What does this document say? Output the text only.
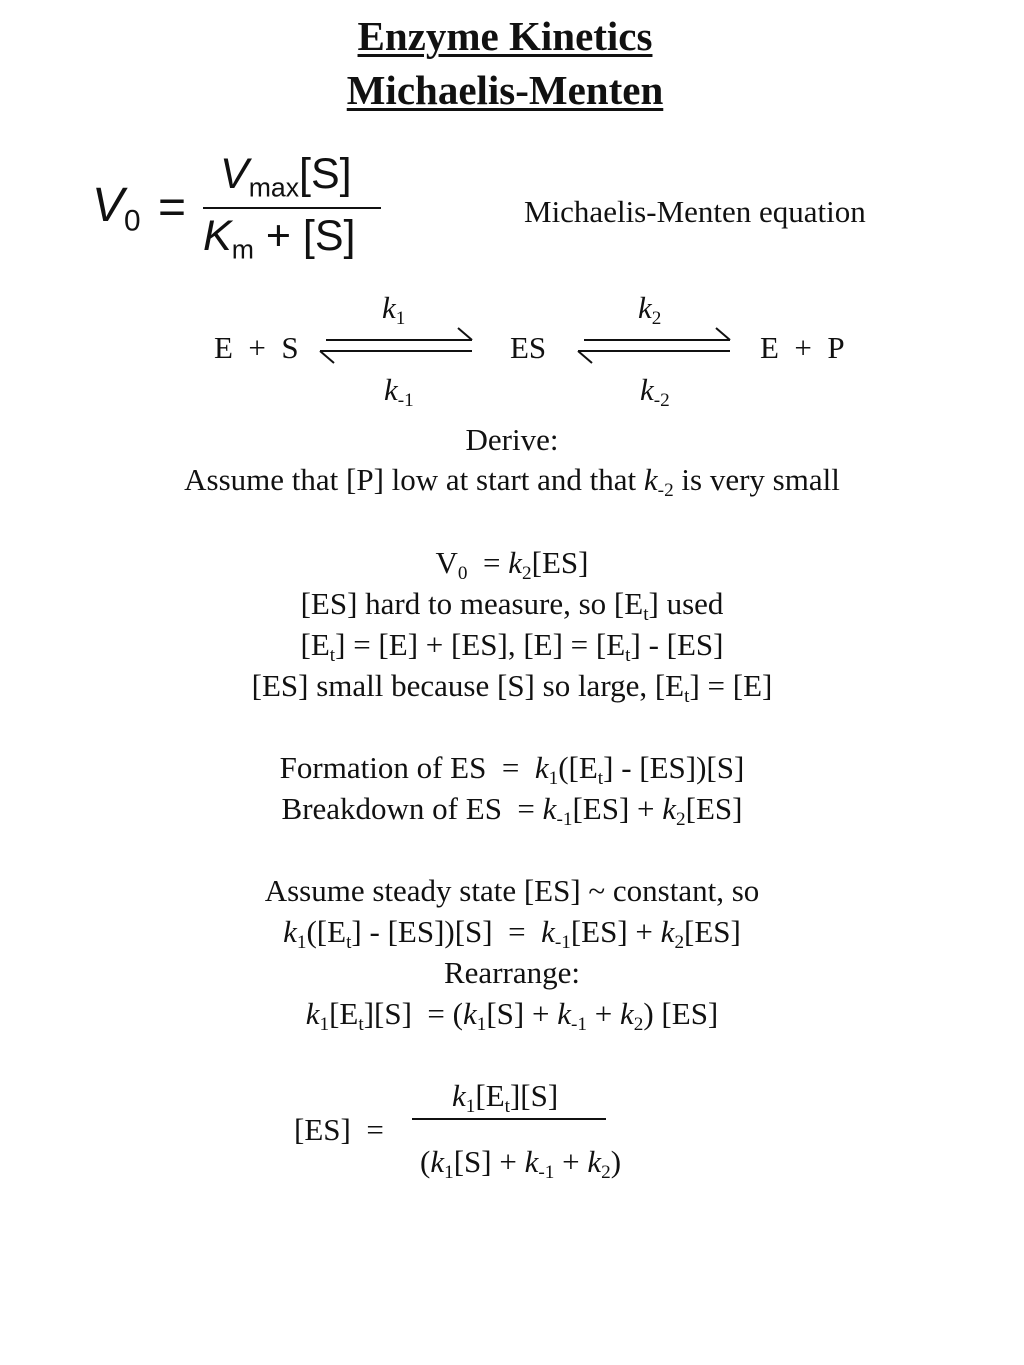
Enzyme Kinetics
Michaelis-Menten
$V_0$ =
$V_{max}[S]$
$K_m + [S]$
Michaelis-Menten equation
$k_1$	$k_2$
E  +  S	ES	E  +  P
$k_{-1}$	$k_{-2}$
Derive:
Assume that [P] low at start and that $k_{-2}$ is very small
$V_0 = k_2[ES]$
[ES] hard to measure, so $[E_t]$ used
$[E_t] = [E] + [ES]$, $[E] = [E_t] - [ES]$
[ES] small because [S] so large, $[E_t] = [E]$
Formation of ES  =  $k_1([E_t] - [ES])[S]$
Breakdown of ES  = $k_{-1}[ES] + k_2[ES]$
Assume steady state [ES] ~ constant, so
$k_1([E_t] - [ES])[S] = k_{-1}[ES] + k_2[ES]$
Rearrange:
$k_1[E_t][S] = (k_1[S] + k_{-1} + k_2)$ [ES]
[ES]  =
$k_1[E_t][S]$
$(k_1[S] + k_{-1} + k_2)$
